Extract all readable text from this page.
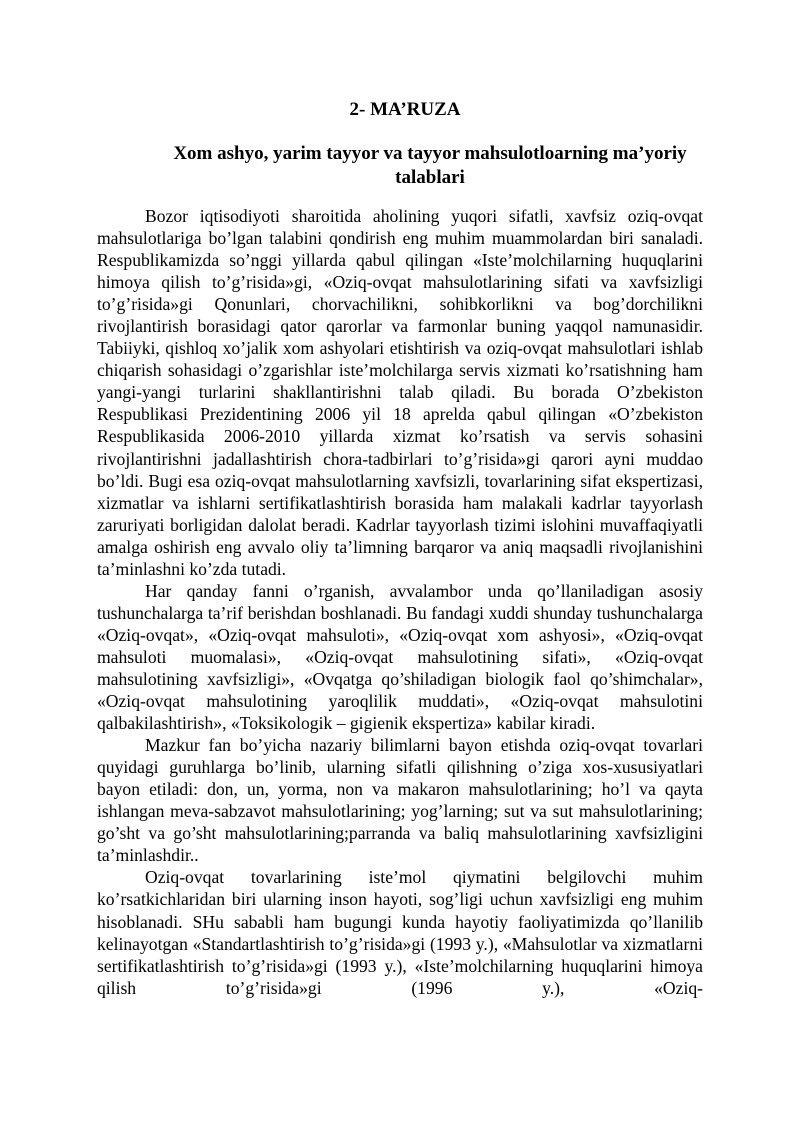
2- MA’RUZA
Xom ashyo, yarim tayyor va tayyor mahsulotloarning ma’yoriy talablari

Bozor iqtisodiyoti sharoitida aholining yuqori sifatli, xavfsiz oziq-ovqat mahsulotlariga bo’lgan talabini qondirish eng muhim muammolardan biri sanaladi. Respublikamizda so’nggi yillarda qabul qilingan «Iste’molchilarning huquqlarini himoya qilish to’g’risida»gi, «Oziq-ovqat mahsulotlarining sifati va xavfsizligi to’g’risida»gi Qonunlari, chorvachilikni, sohibkorlikni va bog’dorchilikni rivojlantirish borasidagi qator qarorlar va farmonlar buning yaqqol namunasidir. Tabiiyki, qishloq xo’jalik xom ashyolari etishtirish va oziq-ovqat mahsulotlari ishlab chiqarish sohasidagi o’zgarishlar iste’molchilarga servis xizmati ko’rsatishning ham yangi-yangi turlarini shakllantirishni talab qiladi. Bu borada O’zbekiston Respublikasi Prezidentining 2006 yil 18 aprelda qabul qilingan «O’zbekiston Respublikasida 2006-2010 yillarda xizmat ko’rsatish va servis sohasini rivojlantirishni jadallashtirish chora-tadbirlari to’g’risida»gi qarori ayni muddao bo’ldi. Bugi esa oziq-ovqat mahsulotlarning xavfsizli, tovarlarining sifat ekspertizasi, xizmatlar va ishlarni sertifikatlashtirish borasida ham malakali kadrlar tayyorlash zaruriyati borligidan dalolat beradi. Kadrlar tayyorlash tizimi islohini muvaffaqiyatli amalga oshirish eng avvalo oliy ta’limning barqaror va aniq maqsadli rivojlanishini ta’minlashni ko’zda tutadi.

Har qanday fanni o’rganish, avvalambor unda qo’llaniladigan asosiy tushunchalarga ta’rif berishdan boshlanadi. Bu fandagi xuddi shunday tushunchalarga «Oziq-ovqat», «Oziq-ovqat mahsuloti», «Oziq-ovqat xom ashyosi», «Oziq-ovqat mahsuloti muomalasi», «Oziq-ovqat mahsulotining sifati», «Oziq-ovqat mahsulotining xavfsizligi», «Ovqatga qo’shiladigan biologik faol qo’shimchalar», «Oziq-ovqat mahsulotining yaroqlilik muddati», «Oziq-ovqat mahsulotini qalbakilashtirish», «Toksikologik – gigienik ekspertiza» kabilar kiradi.

Mazkur fan bo’yicha nazariy bilimlarni bayon etishda oziq-ovqat tovarlari quyidagi guruhlarga bo’linib, ularning sifatli qilishning o’ziga xos-xususiyatlari bayon etiladi: don, un, yorma, non va makaron mahsulotlarining; ho’l va qayta ishlangan meva-sabzavot mahsulotlarining; yog’larning; sut va sut mahsulotlarining; go’sht va go’sht mahsulotlarining;parranda va baliq mahsulotlarining xavfsizligini ta’minlashdir..

Oziq-ovqat tovarlarining iste’mol qiymatini belgilovchi muhim ko’rsatkichlaridan biri ularning inson hayoti, sog’ligi uchun xavfsizligi eng muhim hisoblanadi. SHu sababli ham bugungi kunda hayotiy faoliyatimizda qo’llanilib kelinayotgan «Standartlashtirish to’g’risida»gi (1993 y.), «Mahsulotlar va xizmatlarni sertifikatlashtirish to’g’risida»gi (1993 y.), «Iste’molchilarning huquqlarini himoya qilish to’g’risida»gi (1996 y.), «Oziq-
